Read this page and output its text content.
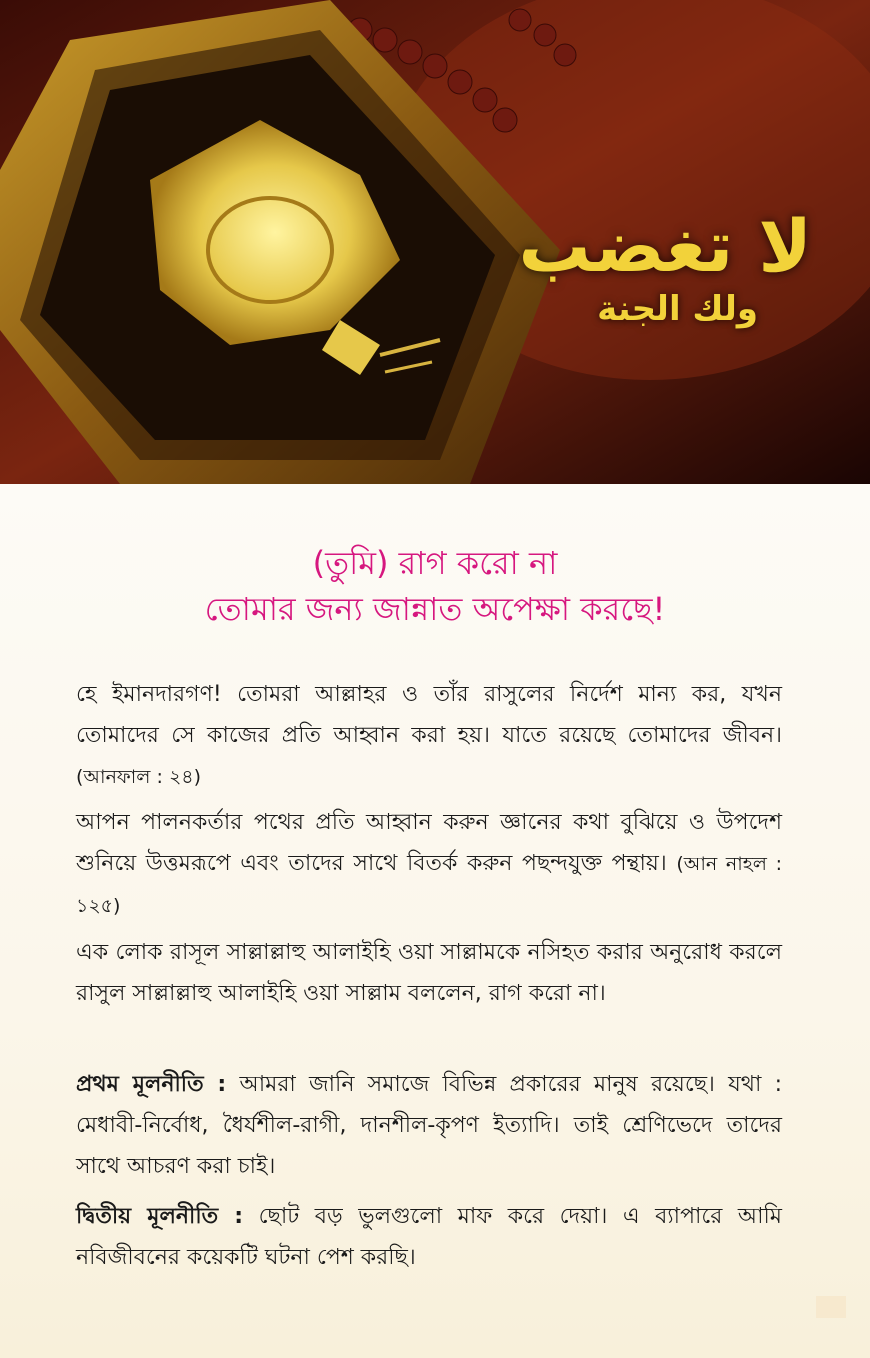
لا تغضب
ولك الجنة
(তুমি) রাগ করো না
তোমার জন্য জান্নাত অপেক্ষা করছে!
হে ইমানদারগণ! তোমরা আল্লাহর ও তাঁর রাসুলের নির্দেশ মান্য কর, যখন তোমাদের সে কাজের প্রতি আহ্বান করা হয়। যাতে রয়েছে তোমাদের জীবন। (আনফাল : ২৪)
আপন পালনকর্তার পথের প্রতি আহ্বান করুন জ্ঞানের কথা বুঝিয়ে ও উপদেশ শুনিয়ে উত্তমরূপে এবং তাদের সাথে বিতর্ক করুন পছন্দযুক্ত পন্থায়। (আন নাহল : ১২৫)
এক লোক রাসূল সাল্লাল্লাহু আলাইহি ওয়া সাল্লামকে নসিহত করার অনুরোধ করলে রাসুল সাল্লাল্লাহু আলাইহি ওয়া সাল্লাম বললেন, রাগ করো না।
প্রথম মূলনীতি : আমরা জানি সমাজে বিভিন্ন প্রকারের মানুষ রয়েছে। যথা : মেধাবী-নির্বোধ, ধৈর্যশীল-রাগী, দানশীল-কৃপণ ইত্যাদি। তাই শ্রেণিভেদে তাদের সাথে আচরণ করা চাই।
দ্বিতীয় মূলনীতি : ছোট বড় ভুলগুলো মাফ করে দেয়া। এ ব্যাপারে আমি নবিজীবনের কয়েকটি ঘটনা পেশ করছি।
